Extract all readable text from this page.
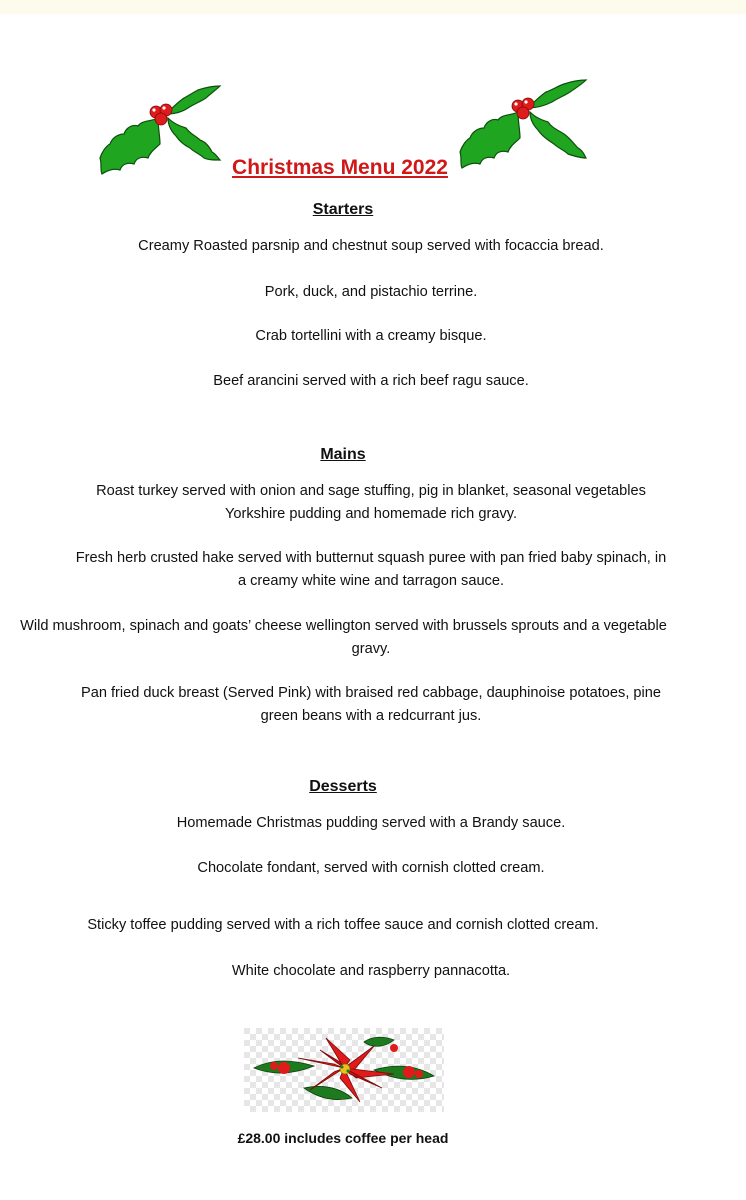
Christmas Menu 2022
Starters
Creamy Roasted parsnip and chestnut soup served with focaccia bread.
Pork, duck, and pistachio terrine.
Crab tortellini with a creamy bisque.
Beef arancini served with a rich beef ragu sauce.
Mains
Roast turkey served with onion and sage stuffing, pig in blanket, seasonal vegetables
Yorkshire pudding and homemade rich gravy.
Fresh herb crusted hake served with butternut squash puree with pan fried baby spinach, in
a creamy white wine and tarragon sauce.
Wild mushroom, spinach and goats’ cheese wellington served with brussels sprouts and a vegetable
gravy.
Pan fried duck breast (Served Pink) with braised red cabbage, dauphinoise potatoes, pine
green beans with a redcurrant jus.
Desserts
Homemade Christmas pudding served with a Brandy sauce.
Chocolate fondant, served with cornish clotted cream.
Sticky toffee pudding served with a rich toffee sauce and cornish clotted cream.
White chocolate and raspberry pannacotta.
£28.00 includes coffee per head
